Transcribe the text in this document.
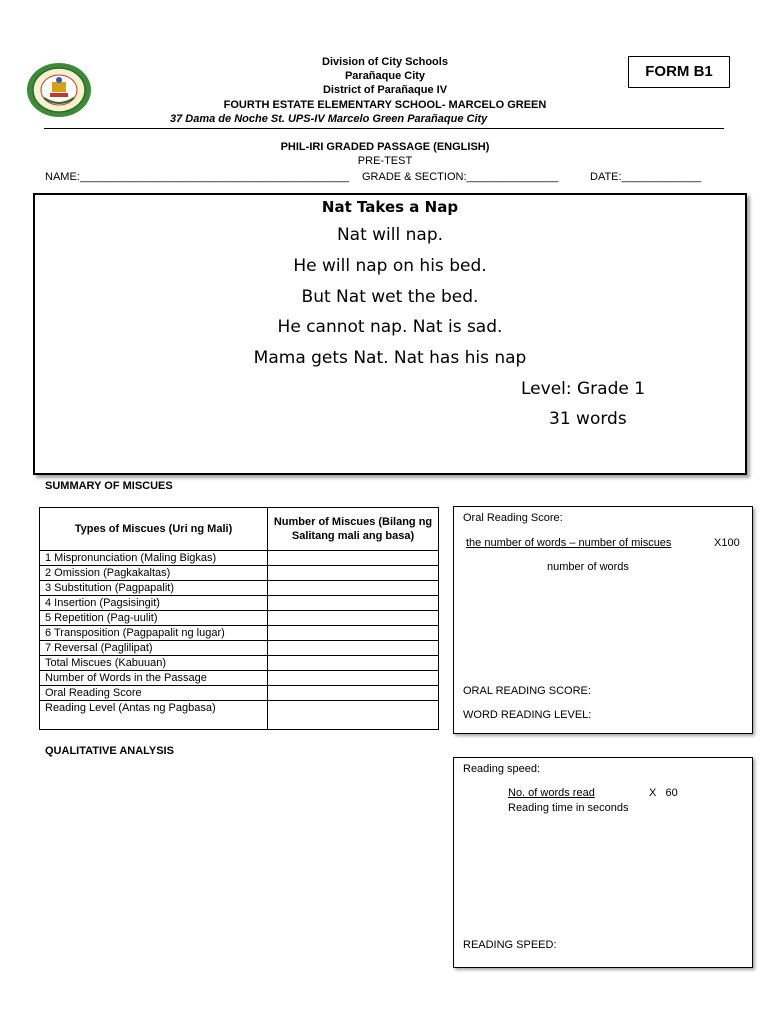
Division of City Schools
Parañaque City
District of Parañaque IV
FOURTH ESTATE ELEMENTARY SCHOOL- MARCELO GREEN
37 Dama de Noche St. UPS-IV Marcelo Green Parañaque City
FORM B1
PHIL-IRI GRADED PASSAGE (ENGLISH)
PRE-TEST
NAME:____________________________________________ GRADE & SECTION:_______________	DATE:_____________
Nat Takes a Nap
Nat will nap.
He will nap on his bed.
But Nat wet the bed.
He cannot nap. Nat is sad.
Mama gets Nat. Nat has his nap
Level: Grade 1
31 words
SUMMARY OF MISCUES
Types of Miscues (Uri ng Mali)	Number of Miscues (Bilang ng Salitang mali ang basa)
1 Mispronunciation (Maling Bigkas)	
2 Omission (Pagkakaltas)	
3 Substitution (Pagpapalit)	
4 Insertion (Pagsisingit)	
5 Repetition (Pag-uulit)	
6 Transposition (Pagpapalit ng lugar)	
7 Reversal (Paglilipat)	
Total Miscues (Kabuuan)	
Number of Words in the Passage	
Oral Reading Score	
Reading Level (Antas ng Pagbasa)	
Oral Reading Score:
the number of words – number of miscues	X100
number of words
ORAL READING SCORE:
WORD READING LEVEL:
QUALITATIVE ANALYSIS
Reading speed:
No. of words read	X   60
Reading time in seconds
READING SPEED:
